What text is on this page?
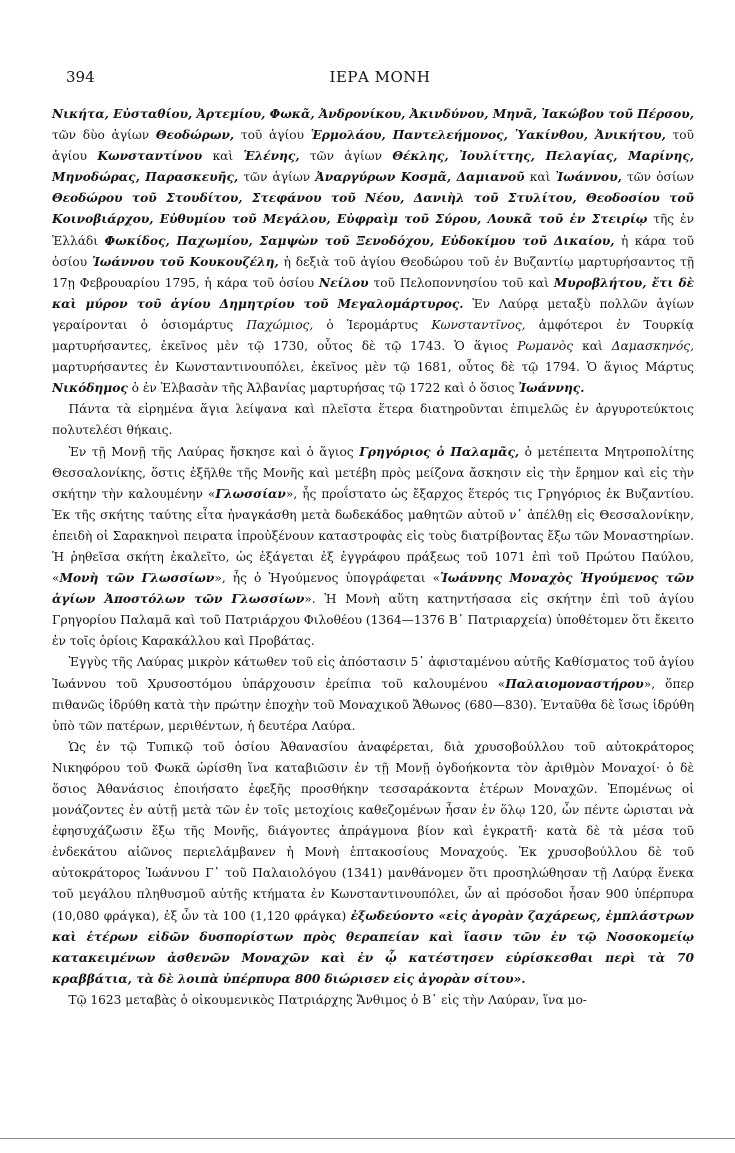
394	ΙΕΡΑ ΜΟΝΗ

Νικήτα, Εὐσταθίου, Ἀρτεμίου, Φωκᾶ, Ἀνδρονίκου, Ἀκινδύνου, Μηνᾶ, Ἰακώβου τοῦ Πέρσου, τῶν δὺο ἁγίων Θεοδώρων, τοῦ ἁγίου Ἑρμολάου, Παντελεήμονος, Ὑακίνθου, Ἀνικήτου, τοῦ ἁγίου Κωνσταντίνου καὶ Ἑλένης, τῶν ἁγίων Θέκλης, Ἰουλίττης, Πελαγίας, Μαρίνης, Μηνοδώρας, Παρασκευῆς, τῶν ἁγίων Ἀναργύρων Κοσμᾶ, Δαμιανοῦ καὶ Ἰωάννου, τῶν ὁσίων Θεοδώρου τοῦ Στουδίτου, Στεφάνου τοῦ Νέου, Δανιὴλ τοῦ Στυλίτου, Θεοδοσίου τοῦ Κοινοβιάρχου, Εὐθυμίου τοῦ Μεγάλου, Εὐφραὶμ τοῦ Σύρου, Λουκᾶ τοῦ ἐν Στειρίῳ τῆς ἐν Ἑλλάδι Φωκίδος, Παχωμίου, Σαμψὼν τοῦ Ξενοδόχου, Εὐδοκίμου τοῦ Δικαίου, ἡ κάρα τοῦ ὁσίου Ἰωάννου τοῦ Κουκουζέλη, ἡ δεξιὰ τοῦ ἁγίου Θεοδώρου τοῦ ἐν Βυζαντίῳ μαρτυρήσαντος τῇ 17ῃ Φεβρουαρίου 1795, ἡ κάρα τοῦ ὁσίου Νείλου τοῦ Πελοποννησίου τοῦ καὶ Μυροβλήτου, ἔτι δὲ καὶ μύρον τοῦ ἁγίου Δημητρίου τοῦ Μεγαλομάρτυρος. Ἐν Λαύρᾳ μεταξὺ πολλῶν ἁγίων γεραίρονται ὁ ὁσιομάρτυς Παχώμιος, ὁ Ἱερομάρτυς Κωνσταντῖνος, ἀμφότεροι ἐν Τουρκίᾳ μαρτυρήσαντες, ἐκεῖνος μὲν τῷ 1730, οὗτος δὲ τῷ 1743. Ὁ ἅγιος Ρωμανὸς καὶ Δαμασκηνός, μαρτυρήσαντες ἐν Κωνσταντινουπόλει, ἐκεῖνος μὲν τῷ 1681, οὗτος δὲ τῷ 1794. Ὁ ἅγιος Μάρτυς Νικόδημος ὁ ἐν Ἐλβασὰν τῆς Ἀλβανίας μαρτυρήσας τῷ 1722 καὶ ὁ ὅσιος Ἰωάννης.

Πάντα τὰ εἰρημένα ἅγια λείψανα καὶ πλεῖστα ἕτερα διατηροῦνται ἐπιμελῶς ἐν ἀργυροτεύκτοις πολυτελέσι θήκαις.

Ἐν τῇ Μονῇ τῆς Λαύρας ἤσκησε καὶ ὁ ἅγιος Γρηγόριος ὁ Παλαμᾶς, ὁ μετέπειτα Μητροπολίτης Θεσσαλονίκης, ὅστις ἐξῆλθε τῆς Μονῆς καὶ μετέβη πρὸς μείζονα ἄσκησιν εἰς τὴν ἔρημον καὶ εἰς τὴν σκήτην τὴν καλουμένην «Γλωσσίαν», ἧς προΐστατο ὡς ἔξαρχος ἕτερός τις Γρηγόριος ἐκ Βυζαντίου. Ἐκ τῆς σκήτης ταύτης εἶτα ἠναγκάσθη μετὰ δωδεκάδος μαθητῶν αὐτοῦ ν᾿ ἀπέλθῃ εἰς Θεσσαλονίκην, ἐπειδὴ οἱ Σαρακηνοὶ πειρατα ἰπροὐξένουν καταστροφὰς εἰς τοὺς διατρίβοντας ἔξω τῶν Μοναστηρίων. Ἡ ῥηθεῖσα σκήτη ἐκαλεῖτο, ὡς ἐξάγεται ἐξ ἐγγράφου πράξεως τοῦ 1071 ἐπὶ τοῦ Πρώτου Παύλου, «Μονὴ τῶν Γλωσσίων», ἧς ὁ Ἡγούμενος ὑπογράφεται «Ἰωάννης Μοναχὸς Ἡγούμενος τῶν ἁγίων Ἀποστόλων τῶν Γλωσσίων». Ἡ Μονὴ αὕτη κατηντήσασα εἰς σκήτην ἐπὶ τοῦ ἁγίου Γρηγορίου Παλαμᾶ καὶ τοῦ Πατριάρχου Φιλοθέου (1364—1376 Β᾽ Πατριαρχεία) ὑποθέτομεν ὅτι ἔκειτο ἐν τοῖς ὁρίοις Καρακάλλου καὶ Προβάτας.

Ἐγγὺς τῆς Λαύρας μικρὸν κάτωθεν τοῦ εἰς ἀπόστασιν 5᾽ ἀφισταμένου αὐτῆς Καθίσματος τοῦ ἁγίου Ἰωάννου τοῦ Χρυσοστόμου ὑπάρχουσιν ἐρείπια τοῦ καλουμένου «Παλαιομοναστήρου», ὅπερ πιθανῶς ἱδρύθη κατὰ τὴν πρώτην ἐποχὴν τοῦ Μοναχικοῦ Ἄθωνος (680—830). Ἐνταῦθα δὲ ἴσως ἱδρύθη ὑπὸ τῶν πατέρων, μεριθέντων, ἡ δευτέρα Λαύρα.

Ὡς ἐν τῷ Τυπικῷ τοῦ ὁσίου Ἀθανασίου ἀναφέρεται, διὰ χρυσοβούλλου τοῦ αὐτοκράτορος Νικηφόρου τοῦ Φωκᾶ ὡρίσθη ἵνα καταβιῶσιν ἐν τῇ Μονῇ ὀγδοήκοντα τὸν ἀριθμὸν Μοναχοί· ὁ δὲ ὅσιος Ἀθανάσιος ἐποιήσατο ἐφεξῆς προσθήκην τεσσαράκοντα ἑτέρων Μοναχῶν. Ἐπομένως οἱ μονάζοντες ἐν αὐτῇ μετὰ τῶν ἐν τοῖς μετοχίοις καθεζομένων ἦσαν ἐν ὅλῳ 120, ὧν πέντε ὡρισται νὰ ἐφησυχάζωσιν ἔξω τῆς Μονῆς, διάγοντες ἀπράγμονα βίον καὶ ἐγκρατῆ· κατὰ δὲ τὰ μέσα τοῦ ἑνδεκάτου αἰῶνος περιελάμβανεν ἡ Μονὴ ἑπτακοσίους Μοναχούς. Ἐκ χρυσοβούλλου δὲ τοῦ αὐτοκράτορος Ἰωάννου Γ᾽ τοῦ Παλαιολόγου (1341) μανθάνομεν ὅτι προσηλώθησαν τῇ Λαύρᾳ ἕνεκα τοῦ μεγάλου πληθυσμοῦ αὐτῆς κτήματα ἐν Κωνσταντινουπόλει, ὧν αἱ πρόσοδοι ἦσαν 900 ὑπέρπυρα (10,080 φράγκα), ἐξ ὧν τὰ 100 (1,120 φράγκα) ἐξωδεύοντο «εἰς ἀγορὰν ζαχάρεως, ἐμπλάστρων καὶ ἑτέρων εἰδῶν δυσπορίστων πρὸς θεραπείαν καὶ ἴασιν τῶν ἐν τῷ Νοσοκομείῳ κατακειμένων ἀσθενῶν Μοναχῶν καὶ ἐν ᾧ κατέστησεν εὑρίσκεσθαι περὶ τὰ 70 κραββάτια, τὰ δὲ λοιπὰ ὑπέρπυρα 800 διώρισεν εἰς ἀγορὰν σίτου».

Τῷ 1623 μεταβὰς ὁ οἰκουμενικὸς Πατριάρχης Ἄνθιμος ὁ Β᾽ εἰς τὴν Λαύραν, ἵνα μο-
